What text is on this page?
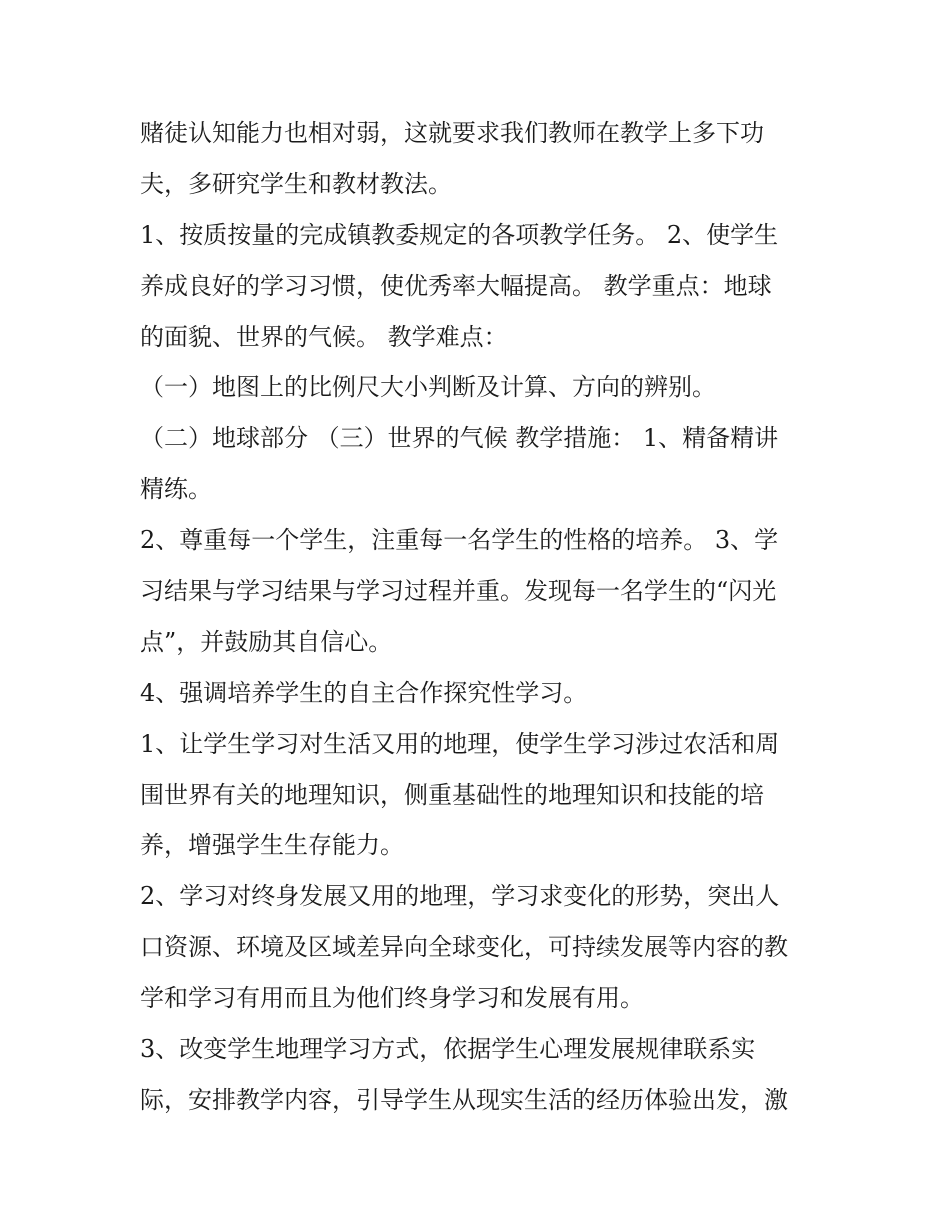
赌徒认知能力也相对弱，这就要求我们教师在教学上多下功
夫，多研究学生和教材教法。
1、按质按量的完成镇教委规定的各项教学任务。 2、使学生
养成良好的学习习惯，使优秀率大幅提高。 教学重点：地球
的面貌、世界的气候。 教学难点：
（一）地图上的比例尺大小判断及计算、方向的辨别。
（二）地球部分 （三）世界的气候 教学措施： 1、精备精讲
精练。
2、尊重每一个学生，注重每一名学生的性格的培养。 3、学
习结果与学习结果与学习过程并重。发现每一名学生的“闪光
点”，并鼓励其自信心。
4、强调培养学生的自主合作探究性学习。
1、让学生学习对生活又用的地理，使学生学习涉过农活和周
围世界有关的地理知识，侧重基础性的地理知识和技能的培
养，增强学生生存能力。
2、学习对终身发展又用的地理，学习求变化的形势，突出人
口资源、环境及区域差异向全球变化，可持续发展等内容的教
学和学习有用而且为他们终身学习和发展有用。
3、改变学生地理学习方式，依据学生心理发展规律联系实
际，安排教学内容，引导学生从现实生活的经历体验出发，激
